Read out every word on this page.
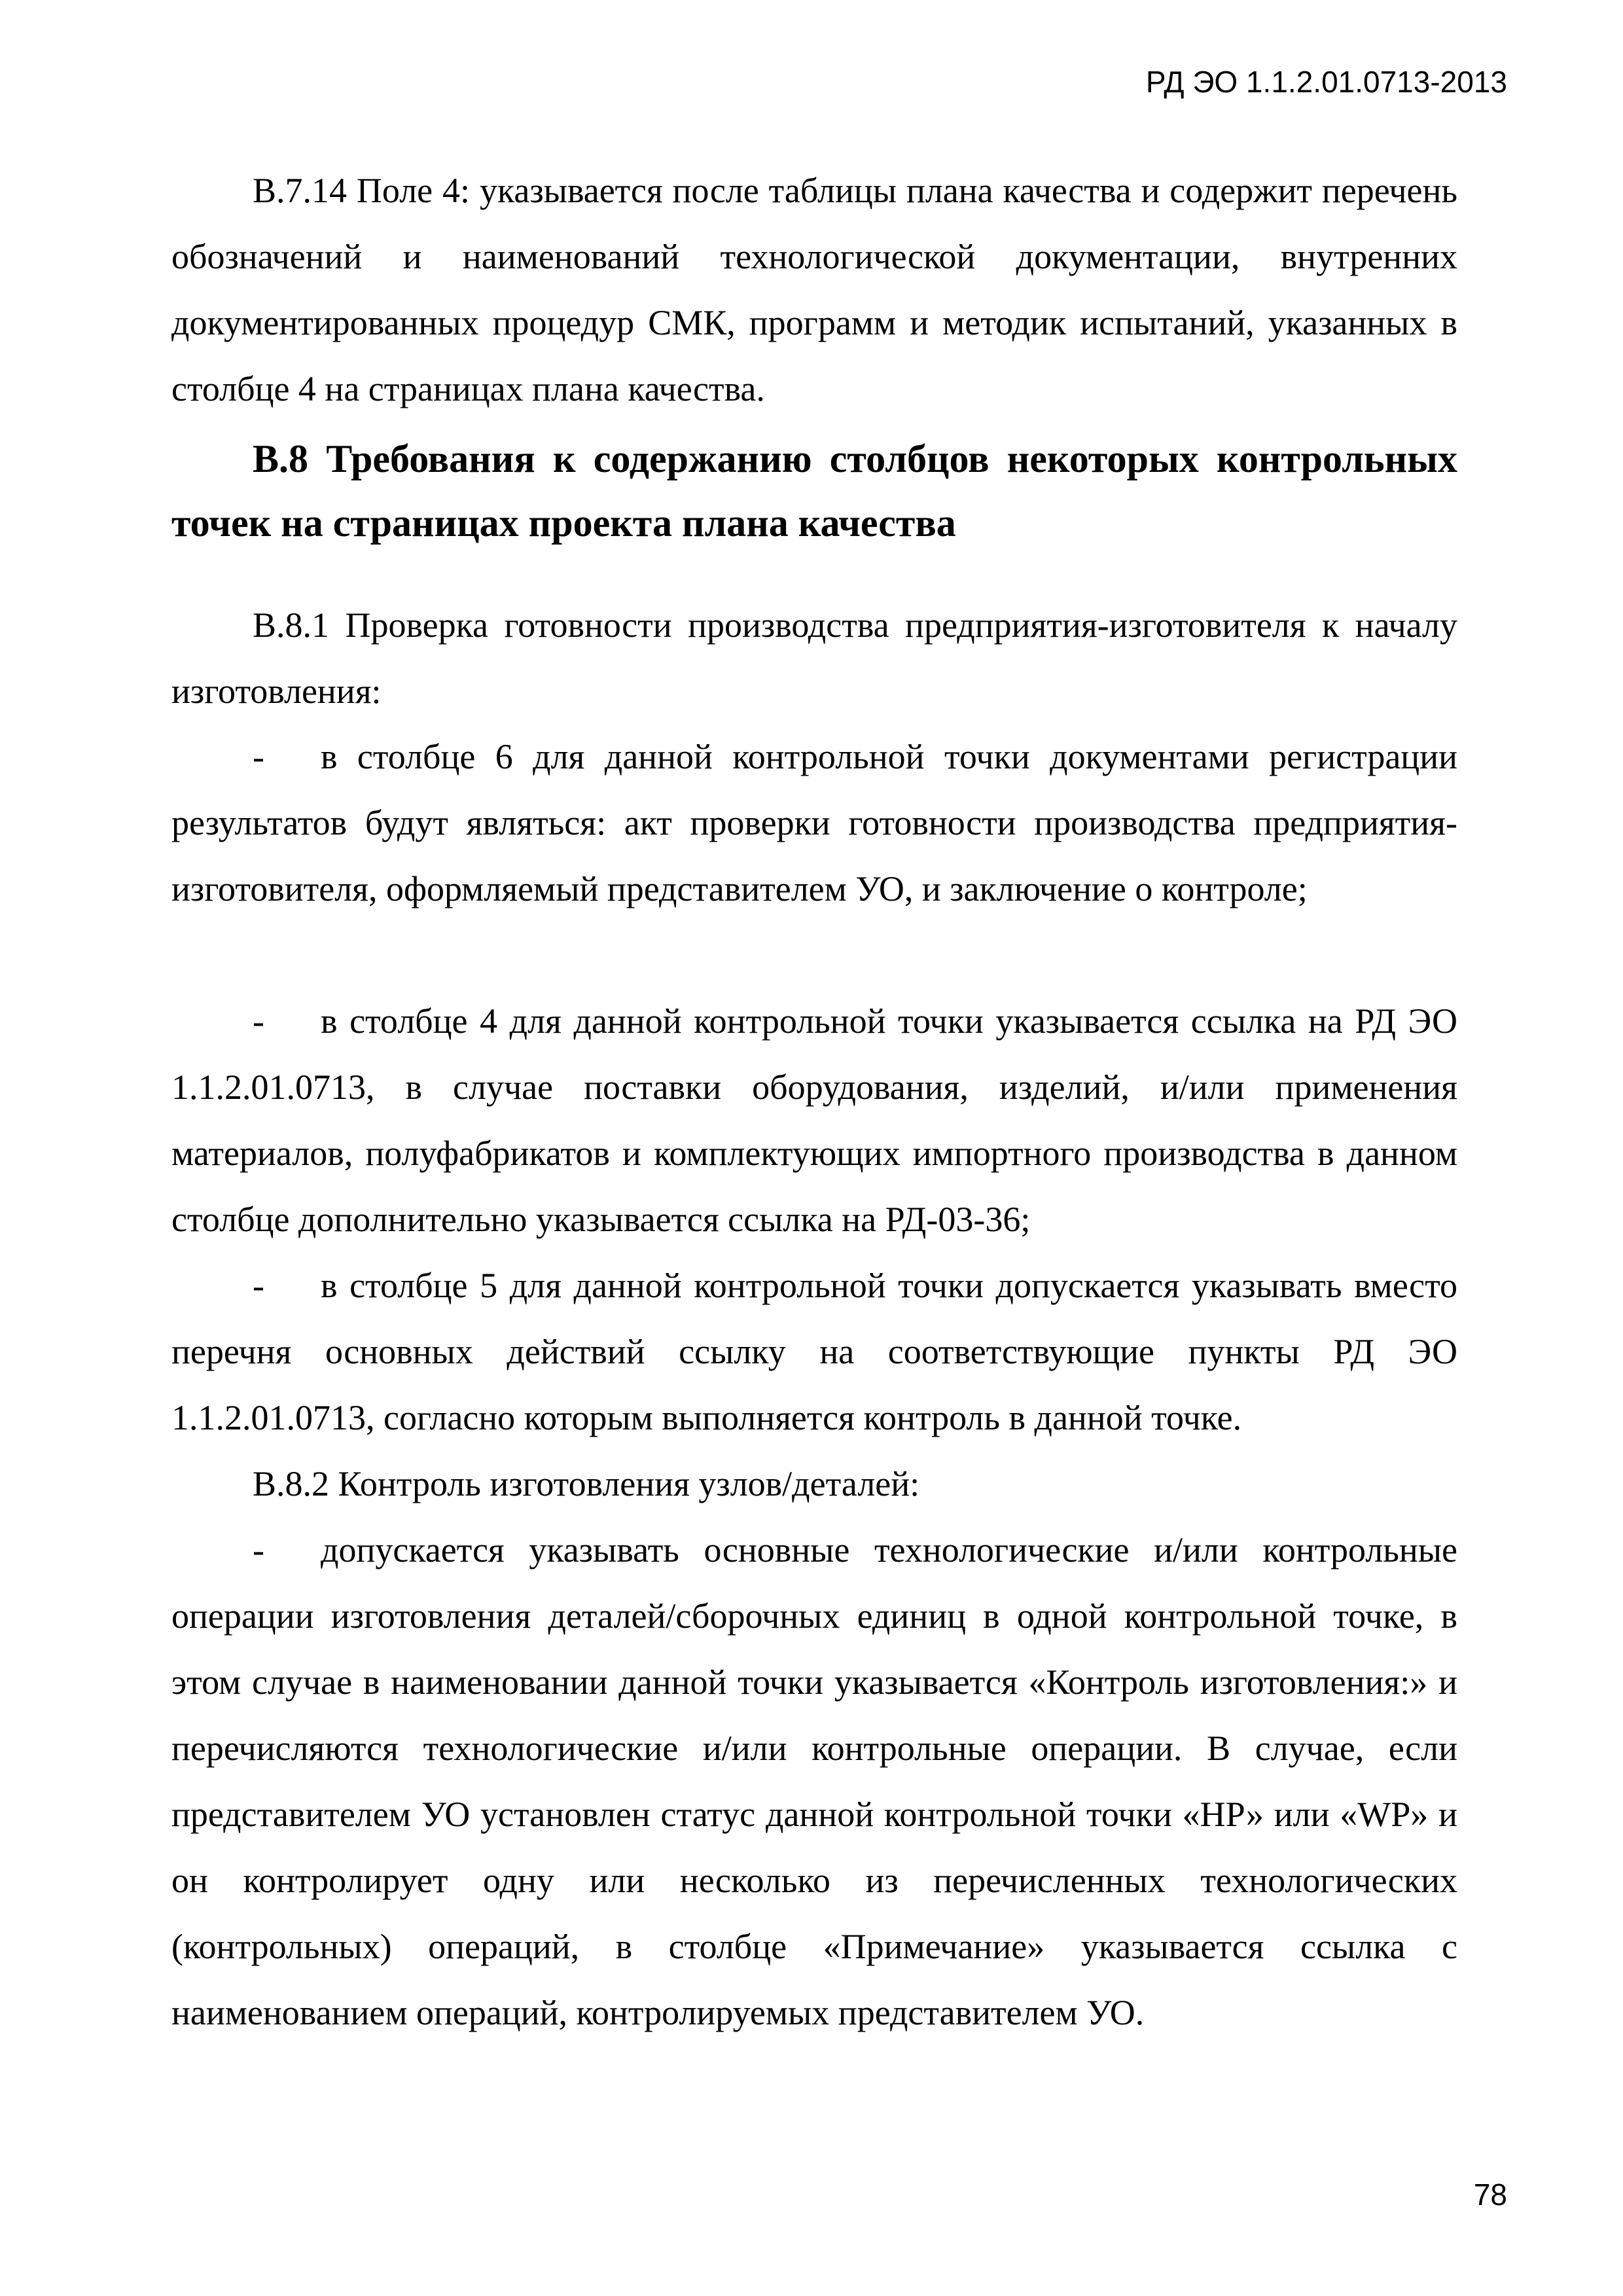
РД ЭО 1.1.2.01.0713-2013

В.7.14 Поле 4: указывается после таблицы плана качества и содержит перечень обозначений и наименований технологической документации, внутренних документированных процедур СМК, программ и методик испытаний, указанных в столбце 4 на страницах плана качества.

В.8 Требования к содержанию столбцов некоторых контрольных точек на страницах проекта плана качества

В.8.1 Проверка готовности производства предприятия-изготовителя к началу изготовления:

- в столбце 6 для данной контрольной точки документами регистрации результатов будут являться: акт проверки готовности производства предприятия-изготовителя, оформляемый представителем УО, и заключение о контроле;

- в столбце 4 для данной контрольной точки указывается ссылка на РД ЭО 1.1.2.01.0713, в случае поставки оборудования, изделий, и/или применения материалов, полуфабрикатов и комплектующих импортного производства в данном столбце дополнительно указывается ссылка на РД-03-36;

- в столбце 5 для данной контрольной точки допускается указывать вместо перечня основных действий ссылку на соответствующие пункты РД ЭО 1.1.2.01.0713, согласно которым выполняется контроль в данной точке.

В.8.2 Контроль изготовления узлов/деталей:

- допускается указывать основные технологические и/или контрольные операции изготовления деталей/сборочных единиц в одной контрольной точке, в этом случае в наименовании данной точки указывается «Контроль изготовления:» и перечисляются технологические и/или контрольные операции. В случае, если представителем УО установлен статус данной контрольной точки «НР» или «WP» и он контролирует одну или несколько из перечисленных технологических (контрольных) операций, в столбце «Примечание» указывается ссылка с наименованием операций, контролируемых представителем УО.

78
